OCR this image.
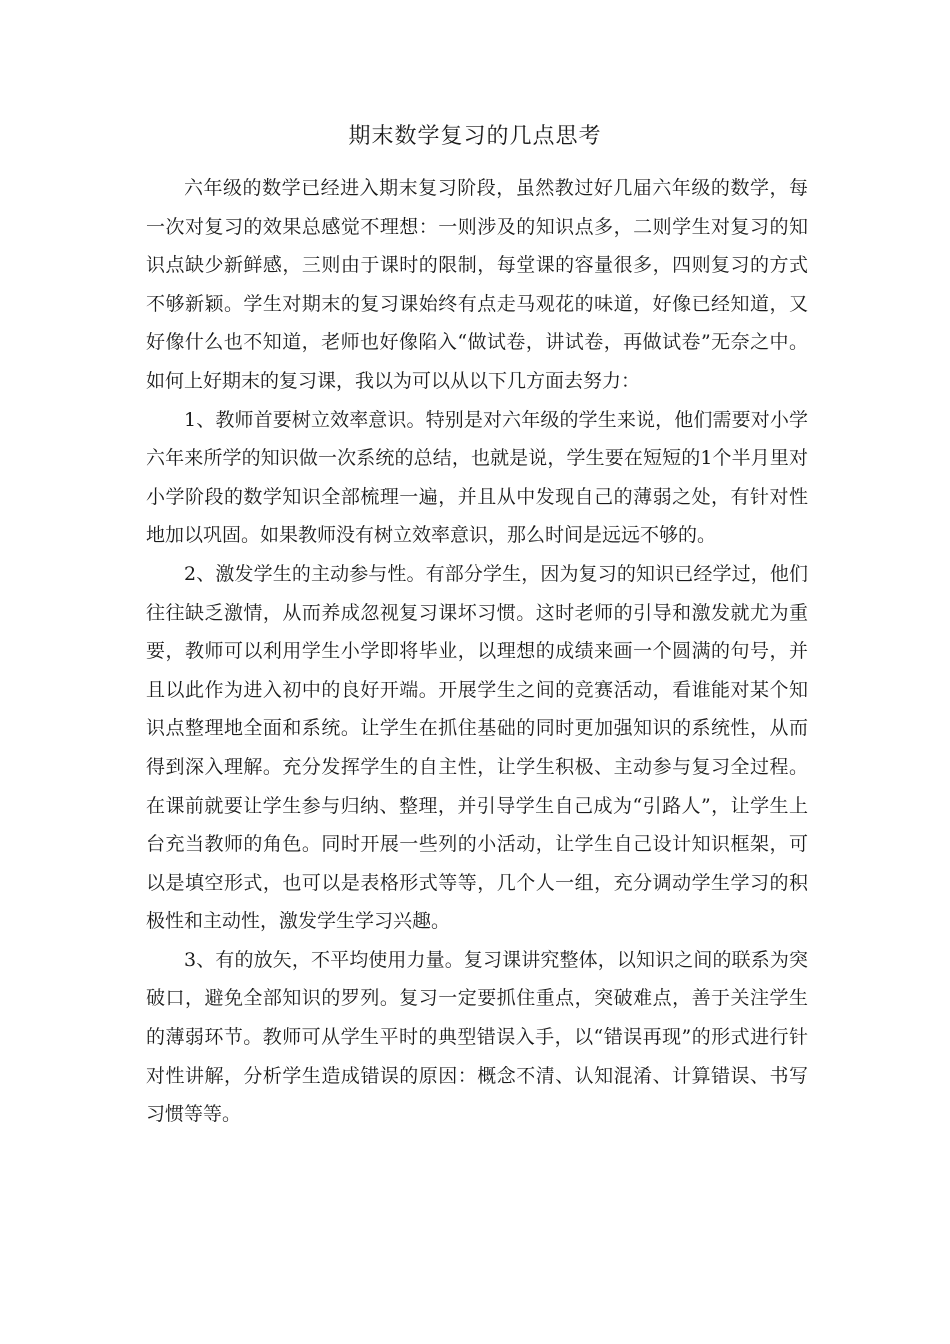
期末数学复习的几点思考

六年级的数学已经进入期末复习阶段，虽然教过好几届六年级的数学，每一次对复习的效果总感觉不理想：一则涉及的知识点多，二则学生对复习的知识点缺少新鲜感，三则由于课时的限制，每堂课的容量很多，四则复习的方式不够新颖。学生对期末的复习课始终有点走马观花的味道，好像已经知道，又好像什么也不知道，老师也好像陷入“做试卷，讲试卷，再做试卷”无奈之中。如何上好期末的复习课，我以为可以从以下几方面去努力：

1、教师首要树立效率意识。特别是对六年级的学生来说，他们需要对小学六年来所学的知识做一次系统的总结，也就是说，学生要在短短的1个半月里对小学阶段的数学知识全部梳理一遍，并且从中发现自己的薄弱之处，有针对性地加以巩固。如果教师没有树立效率意识，那么时间是远远不够的。

2、激发学生的主动参与性。有部分学生，因为复习的知识已经学过，他们往往缺乏激情，从而养成忽视复习课坏习惯。这时老师的引导和激发就尤为重要，教师可以利用学生小学即将毕业，以理想的成绩来画一个圆满的句号，并且以此作为进入初中的良好开端。开展学生之间的竞赛活动，看谁能对某个知识点整理地全面和系统。让学生在抓住基础的同时更加强知识的系统性，从而得到深入理解。充分发挥学生的自主性，让学生积极、主动参与复习全过程。在课前就要让学生参与归纳、整理，并引导学生自己成为“引路人”，让学生上台充当教师的角色。同时开展一些列的小活动，让学生自己设计知识框架，可以是填空形式，也可以是表格形式等等，几个人一组，充分调动学生学习的积极性和主动性，激发学生学习兴趣。

3、有的放矢，不平均使用力量。复习课讲究整体，以知识之间的联系为突破口，避免全部知识的罗列。复习一定要抓住重点，突破难点，善于关注学生的薄弱环节。教师可从学生平时的典型错误入手，以“错误再现”的形式进行针对性讲解，分析学生造成错误的原因：概念不清、认知混淆、计算错误、书写习惯等等。
